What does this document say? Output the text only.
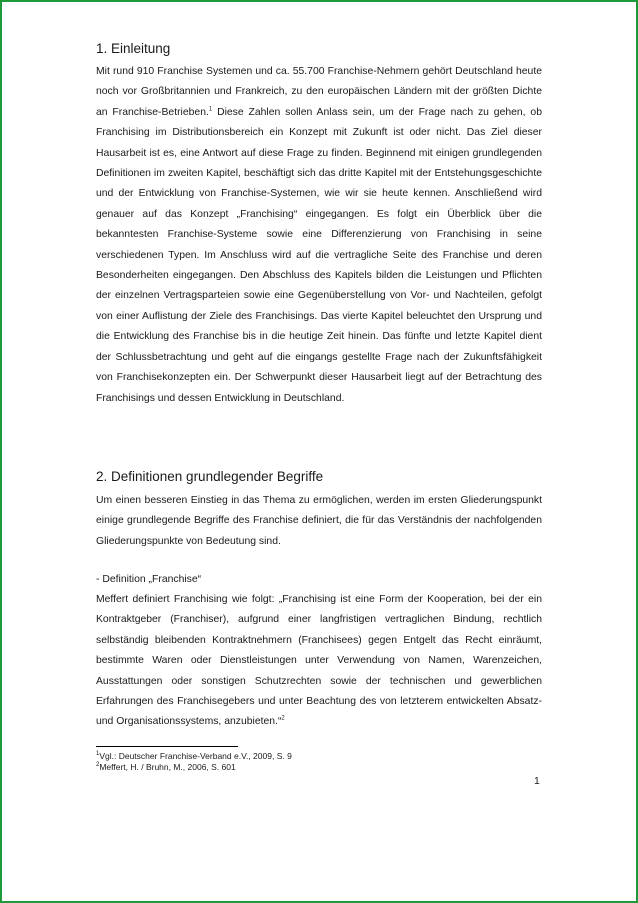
1. Einleitung

Mit rund 910 Franchise Systemen und ca. 55.700 Franchise-Nehmern gehört Deutschland heute noch vor Großbritannien und Frankreich, zu den europäischen Ländern mit der größten Dichte an Franchise-Betrieben.$^1$ Diese Zahlen sollen Anlass sein, um der Frage nach zu gehen, ob Franchising im Distributionsbereich ein Konzept mit Zukunft ist oder nicht. Das Ziel dieser Hausarbeit ist es, eine Antwort auf diese Frage zu finden. Beginnend mit einigen grundlegenden Definitionen im zweiten Kapitel, beschäftigt sich das dritte Kapitel mit der Entstehungsgeschichte und der Entwicklung von Franchise-Systemen, wie wir sie heute kennen. Anschließend wird genauer auf das Konzept „Franchising“ eingegangen. Es folgt ein Überblick über die bekanntesten Franchise-Systeme sowie eine Differenzierung von Franchising in seine verschiedenen Typen. Im Anschluss wird auf die vertragliche Seite des Franchise und deren Besonderheiten eingegangen. Den Abschluss des Kapitels bilden die Leistungen und Pflichten der einzelnen Vertragsparteien sowie eine Gegenüberstellung von Vor- und Nachteilen, gefolgt von einer Auflistung der Ziele des Franchisings. Das vierte Kapitel beleuchtet den Ursprung und die Entwicklung des Franchise bis in die heutige Zeit hinein. Das fünfte und letzte Kapitel dient der Schlussbetrachtung und geht auf die eingangs gestellte Frage nach der Zukunftsfähigkeit von Franchisekonzepten ein. Der Schwerpunkt dieser Hausarbeit liegt auf der Betrachtung des Franchisings und dessen Entwicklung in Deutschland.

2. Definitionen grundlegender Begriffe

Um einen besseren Einstieg in das Thema zu ermöglichen, werden im ersten Gliederungspunkt einige grundlegende Begriffe des Franchise definiert, die für das Verständnis der nachfolgenden Gliederungspunkte von Bedeutung sind.

- Definition „Franchise“

Meffert definiert Franchising wie folgt: „Franchising ist eine Form der Kooperation, bei der ein Kontraktgeber (Franchiser), aufgrund einer langfristigen vertraglichen Bindung, rechtlich selbständig bleibenden Kontraktnehmern (Franchisees) gegen Entgelt das Recht einräumt, bestimmte Waren oder Dienstleistungen unter Verwendung von Namen, Warenzeichen, Ausstattungen oder sonstigen Schutzrechten sowie der technischen und gewerblichen Erfahrungen des Franchisegebers und unter Beachtung des von letzterem entwickelten Absatz- und Organisationssystems, anzubieten.“$^2$

$^1$Vgl.: Deutscher Franchise-Verband e.V., 2009, S. 9
$^2$Meffert, H. / Bruhn, M., 2006, S. 601
1
